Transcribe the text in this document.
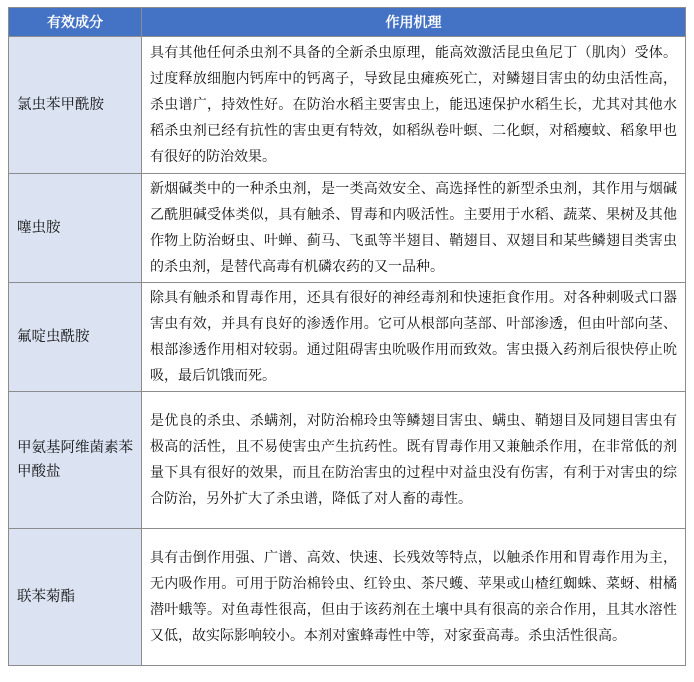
有效成分	作用机理
氯虫苯甲酰胺	具有其他任何杀虫剂不具备的全新杀虫原理，能高效激活昆虫鱼尼丁（肌肉）受体。过度释放细胞内钙库中的钙离子，导致昆虫瘫痪死亡，对鳞翅目害虫的幼虫活性高，杀虫谱广，持效性好。在防治水稻主要害虫上，能迅速保护水稻生长，尤其对其他水稻杀虫剂已经有抗性的害虫更有特效，如稻纵卷叶螟、二化螟，对稻瘿蚊、稻象甲也有很好的防治效果。
噻虫胺	新烟碱类中的一种杀虫剂，是一类高效安全、高选择性的新型杀虫剂，其作用与烟碱乙酰胆碱受体类似，具有触杀、胃毒和内吸活性。主要用于水稻、蔬菜、果树及其他作物上防治蚜虫、叶蝉、蓟马、飞虱等半翅目、鞘翅目、双翅目和某些鳞翅目类害虫的杀虫剂，是替代高毒有机磷农药的又一品种。
氟啶虫酰胺	除具有触杀和胃毒作用，还具有很好的神经毒剂和快速拒食作用。对各种刺吸式口器害虫有效，并具有良好的渗透作用。它可从根部向茎部、叶部渗透，但由叶部向茎、根部渗透作用相对较弱。通过阻碍害虫吮吸作用而致效。害虫摄入药剂后很快停止吮吸，最后饥饿而死。
甲氨基阿维菌素苯甲酸盐	是优良的杀虫、杀螨剂，对防治棉玲虫等鳞翅目害虫、螨虫、鞘翅目及同翅目害虫有极高的活性，且不易使害虫产生抗药性。既有胃毒作用又兼触杀作用，在非常低的剂量下具有很好的效果，而且在防治害虫的过程中对益虫没有伤害，有利于对害虫的综合防治，另外扩大了杀虫谱，降低了对人畜的毒性。
联苯菊酯	具有击倒作用强、广谱、高效、快速、长残效等特点，以触杀作用和胃毒作用为主，无内吸作用。可用于防治棉铃虫、红铃虫、茶尺蠖、苹果或山楂红蜘蛛、菜蚜、柑橘潜叶蛾等。对鱼毒性很高，但由于该药剂在土壤中具有很高的亲合作用，且其水溶性又低，故实际影响较小。本剂对蜜蜂毒性中等，对家蚕高毒。杀虫活性很高。
